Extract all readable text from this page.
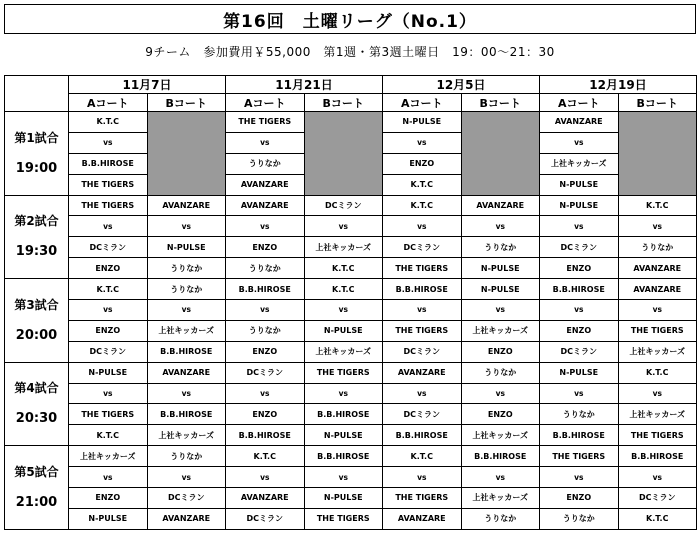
第16回　土曜リーグ（No.1）
9チーム　参加費用￥55,000　第1週・第3週土曜日　19：00～21：30
	11月7日		11月21日		12月5日		12月19日	
	Aコート	Bコート	Aコート	Bコート	Aコート	Bコート	Aコート	Bコート

第1試合
19:00	K.T.C		THE TIGERS		N-PULSE		AVANZARE	
	vs		vs		vs		vs	
	B.B.HIROSE		うりなか		ENZO		上社キッカーズ	
	THE TIGERS		AVANZARE		K.T.C		N-PULSE	

第2試合
19:30	THE TIGERS	AVANZARE	AVANZARE	DCミラン	K.T.C	AVANZARE	N-PULSE	K.T.C
	vs	vs	vs	vs	vs	vs	vs	vs
	DCミラン	N-PULSE	ENZO	上社キッカーズ	DCミラン	うりなか	DCミラン	うりなか
	ENZO	うりなか	うりなか	K.T.C	THE TIGERS	N-PULSE	ENZO	AVANZARE

第3試合
20:00	K.T.C	うりなか	B.B.HIROSE	K.T.C	B.B.HIROSE	N-PULSE	B.B.HIROSE	AVANZARE
	vs	vs	vs	vs	vs	vs	vs	vs
	ENZO	上社キッカーズ	うりなか	N-PULSE	THE TIGERS	上社キッカーズ	ENZO	THE TIGERS
	DCミラン	B.B.HIROSE	ENZO	上社キッカーズ	DCミラン	ENZO	DCミラン	上社キッカーズ

第4試合
20:30	N-PULSE	AVANZARE	DCミラン	THE TIGERS	AVANZARE	うりなか	N-PULSE	K.T.C
	vs	vs	vs	vs	vs	vs	vs	vs
	THE TIGERS	B.B.HIROSE	ENZO	B.B.HIROSE	DCミラン	ENZO	うりなか	上社キッカーズ
	K.T.C	上社キッカーズ	B.B.HIROSE	N-PULSE	B.B.HIROSE	上社キッカーズ	B.B.HIROSE	THE TIGERS

第5試合
21:00	上社キッカーズ	うりなか	K.T.C	B.B.HIROSE	K.T.C	B.B.HIROSE	THE TIGERS	B.B.HIROSE
	vs	vs	vs	vs	vs	vs	vs	vs
	ENZO	DCミラン	AVANZARE	N-PULSE	THE TIGERS	上社キッカーズ	ENZO	DCミラン
	N-PULSE	AVANZARE	DCミラン	THE TIGERS	AVANZARE	うりなか	うりなか	K.T.C
